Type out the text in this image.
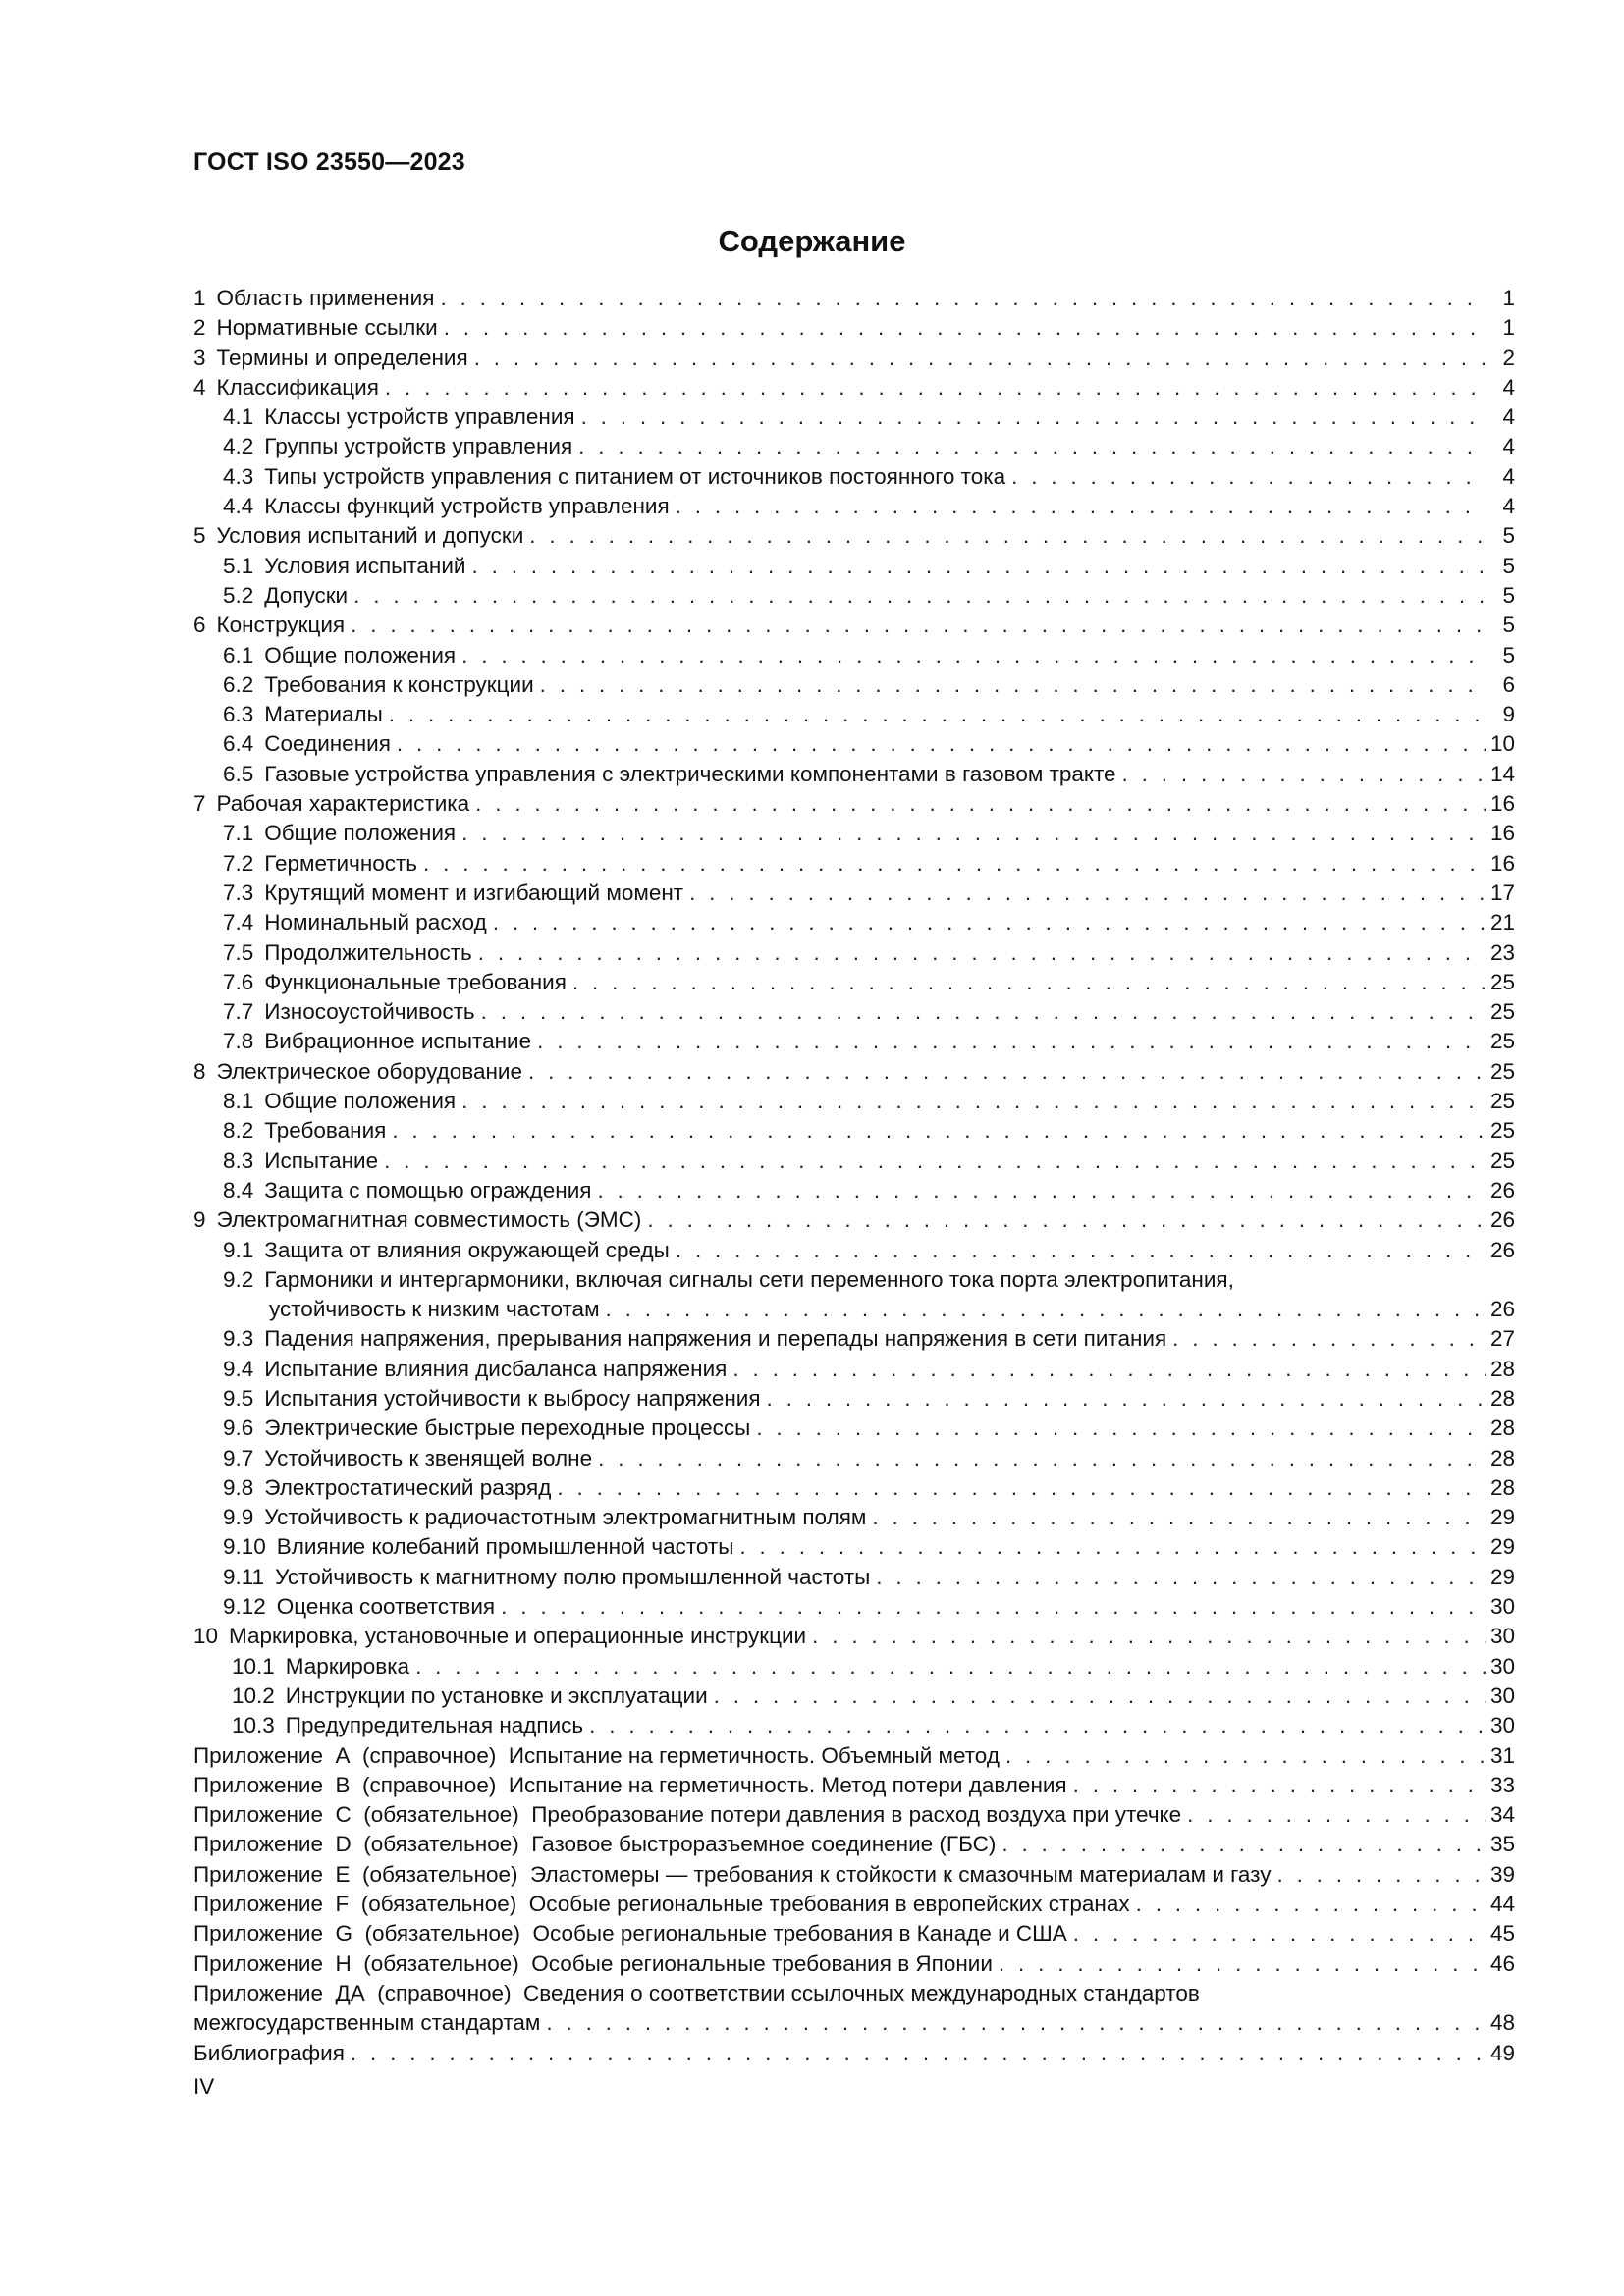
ГОСТ ISO 23550—2023
Содержание
1 Область применения . . .	1
2 Нормативные ссылки . . .	1
3 Термины и определения . . .	2
4 Классификация . . .	4
4.1 Классы устройств управления . . .	4
4.2 Группы устройств управления . . .	4
4.3 Типы устройств управления с питанием от источников постоянного тока . . .	4
4.4 Классы функций устройств управления . . .	4
5 Условия испытаний и допуски . . .	5
5.1 Условия испытаний . . .	5
5.2 Допуски . . .	5
6 Конструкция . . .	5
6.1 Общие положения . . .	5
6.2 Требования к конструкции . . .	6
6.3 Материалы . . .	9
6.4 Соединения . . .	10
6.5 Газовые устройства управления с электрическими компонентами в газовом тракте . . .	14
7 Рабочая характеристика . . .	16
7.1 Общие положения . . .	16
7.2 Герметичность . . .	16
7.3 Крутящий момент и изгибающий момент . . .	17
7.4 Номинальный расход . . .	21
7.5 Продолжительность . . .	23
7.6 Функциональные требования . . .	25
7.7 Износоустойчивость . . .	25
7.8 Вибрационное испытание . . .	25
8 Электрическое оборудование . . .	25
8.1 Общие положения . . .	25
8.2 Требования . . .	25
8.3 Испытание . . .	25
8.4 Защита с помощью ограждения . . .	26
9 Электромагнитная совместимость (ЭМС) . . .	26
9.1 Защита от влияния окружающей среды . . .	26
9.2 Гармоники и интергармоники, включая сигналы сети переменного тока порта электропитания,
устойчивость к низким частотам . . .	26
9.3 Падения напряжения, прерывания напряжения и перепады напряжения в сети питания . . .	27
9.4 Испытание влияния дисбаланса напряжения . . .	28
9.5 Испытания устойчивости к выбросу напряжения . . .	28
9.6 Электрические быстрые переходные процессы . . .	28
9.7 Устойчивость к звенящей волне . . .	28
9.8 Электростатический разряд . . .	28
9.9 Устойчивость к радиочастотным электромагнитным полям . . .	29
9.10 Влияние колебаний промышленной частоты . . .	29
9.11 Устойчивость к магнитному полю промышленной частоты . . .	29
9.12 Оценка соответствия . . .	30
10 Маркировка, установочные и операционные инструкции . . .	30
10.1 Маркировка . . .	30
10.2 Инструкции по установке и эксплуатации . . .	30
10.3 Предупредительная надпись . . .	30
Приложение  А  (справочное)  Испытание на герметичность. Объемный метод . . .	31
Приложение  В  (справочное)  Испытание на герметичность. Метод потери давления . . .	33
Приложение  С  (обязательное)  Преобразование потери давления в расход воздуха при утечке . . .	34
Приложение  D  (обязательное)  Газовое быстроразъемное соединение (ГБС) . . .	35
Приложение  E  (обязательное)  Эластомеры — требования к стойкости к смазочным материалам и газу . . .	39
Приложение  F  (обязательное)  Особые региональные требования в европейских странах . . .	44
Приложение  G  (обязательное)  Особые региональные требования в Канаде и США . . .	45
Приложение  H  (обязательное)  Особые региональные требования в Японии . . .	46
Приложение  ДА  (справочное)  Сведения о соответствии ссылочных международных стандартов
межгосударственным стандартам . . .	48
Библиография . . .	49
IV
